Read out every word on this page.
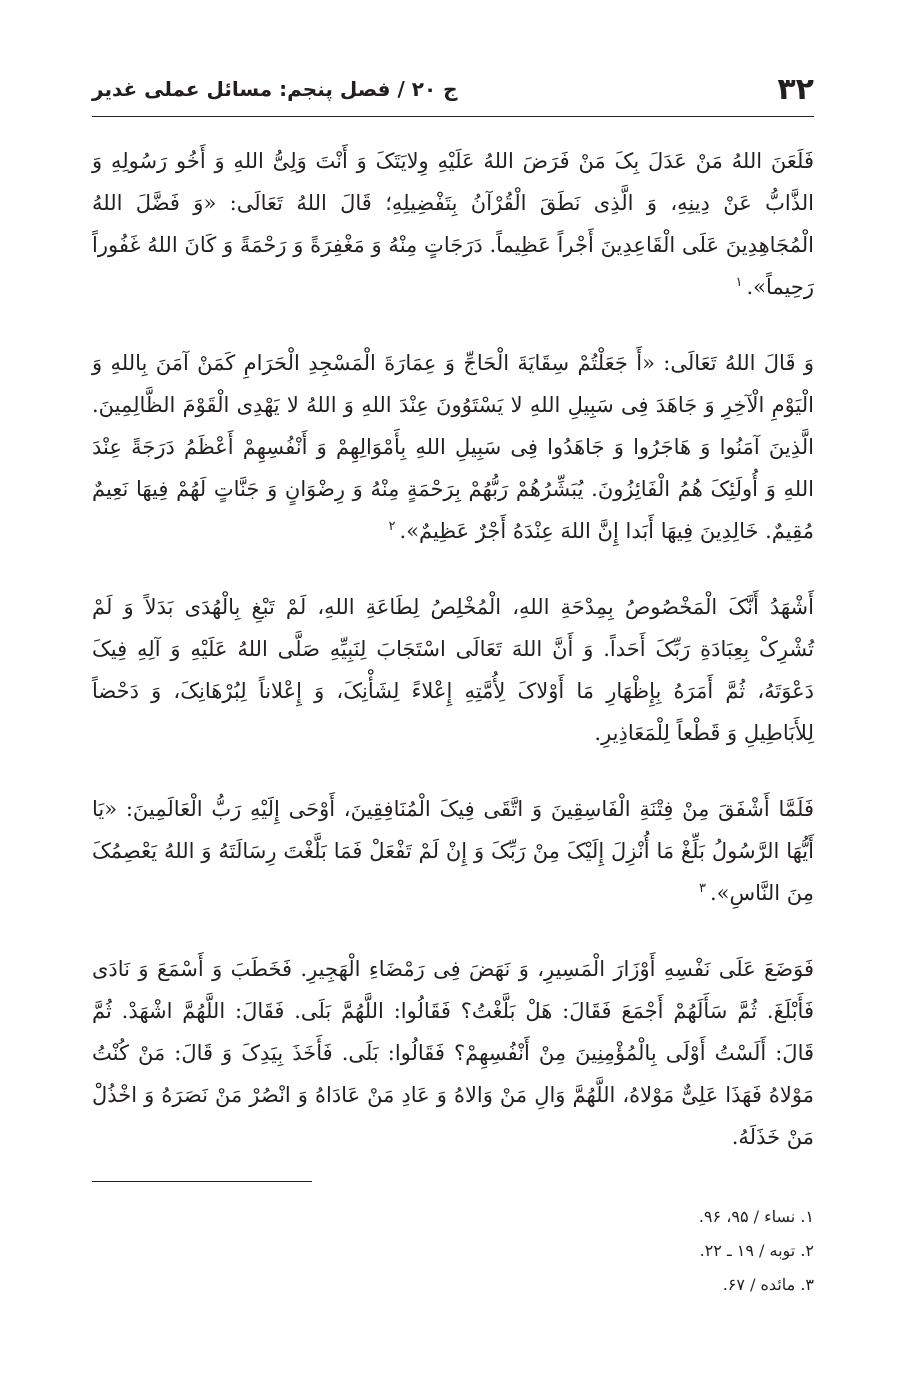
۳۲
ج ۲۰ / فصل پنجم: مسائل عملی غدیر

فَلَعَنَ اللهُ مَنْ عَدَلَ بِکَ مَنْ فَرَضَ اللهُ عَلَیْهِ وِلایَتَکَ وَ أَنْتَ وَلِیُّ اللهِ وَ أَخُو رَسُولِهِ وَ الذَّابُّ عَنْ دِینِهِ، وَ الَّذِی نَطَقَ الْقُرْآنُ بِتَفْضِیلِهِ؛ قَالَ اللهُ تَعَالَی: «وَ فَضَّلَ اللهُ الْمُجَاهِدِینَ عَلَی الْقَاعِدِینَ أَجْراً عَظِیماً. دَرَجَاتٍ مِنْهُ وَ مَغْفِرَةً وَ رَحْمَةً وَ کَانَ اللهُ غَفُوراً رَحِیماً».$^۱$

وَ قَالَ اللهُ تَعَالَی: «أَ جَعَلْتُمْ سِقَایَةَ الْحَاجِّ وَ عِمَارَةَ الْمَسْجِدِ الْحَرَامِ کَمَنْ آمَنَ بِاللهِ وَ الْیَوْمِ الْآخِرِ وَ جَاهَدَ فِی سَبِیلِ اللهِ لا یَسْتَوُونَ عِنْدَ اللهِ وَ اللهُ لا یَهْدِی الْقَوْمَ الظَّالِمِینَ. الَّذِینَ آمَنُوا وَ هَاجَرُوا وَ جَاهَدُوا فِی سَبِیلِ اللهِ بِأَمْوَالِهِمْ وَ أَنْفُسِهِمْ أَعْظَمُ دَرَجَةً عِنْدَ اللهِ وَ أُولَئِکَ هُمُ الْفَائِزُونَ. یُبَشِّرُهُمْ رَبُّهُمْ بِرَحْمَةٍ مِنْهُ وَ رِضْوَانٍ وَ جَنَّاتٍ لَهُمْ فِیهَا نَعِیمٌ مُقِیمٌ. خَالِدِینَ فِیهَا أَبَدا إِنَّ اللهَ عِنْدَهُ أَجْرٌ عَظِیمٌ».$^۲$

أَشْهَدُ أَنَّکَ الْمَخْصُوصُ بِمِدْحَةِ اللهِ، الْمُخْلِصُ لِطَاعَةِ اللهِ، لَمْ تَبْغِ بِالْهُدَی بَدَلاً وَ لَمْ تُشْرِکْ بِعِبَادَةِ رَبِّکَ أَحَداً. وَ أَنَّ اللهَ تَعَالَی اسْتَجَابَ لِنَبِیِّهِ صَلَّی اللهُ عَلَیْهِ وَ آلِهِ فِیکَ دَعْوَتَهُ، ثُمَّ أَمَرَهُ بِإِظْهَارِ مَا أَوْلاکَ لِأُمَّتِهِ إِعْلاءً لِشَأْنِکَ، وَ إِعْلاناً لِبُرْهَانِکَ، وَ دَحْضاً لِلأَبَاطِیلِ وَ قَطْعاً لِلْمَعَاذِیرِ.

فَلَمَّا أَشْفَقَ مِنْ فِتْنَةِ الْفَاسِقِینَ وَ اتَّقَی فِیکَ الْمُنَافِقِینَ، أَوْحَی إِلَیْهِ رَبُّ الْعَالَمِینَ: «یَا أَیُّهَا الرَّسُولُ بَلِّغْ مَا أُنْزِلَ إِلَیْکَ مِنْ رَبِّکَ وَ إِنْ لَمْ تَفْعَلْ فَمَا بَلَّغْتَ رِسَالَتَهُ وَ اللهُ یَعْصِمُکَ مِنَ النَّاسِ».$^۳$

فَوَضَعَ عَلَی نَفْسِهِ أَوْزَارَ الْمَسِیرِ، وَ نَهَضَ فِی رَمْضَاءِ الْهَجِیرِ. فَخَطَبَ وَ أَسْمَعَ وَ نَادَی فَأَبْلَغَ. ثُمَّ سَأَلَهُمْ أَجْمَعَ فَقَالَ: هَلْ بَلَّغْتُ؟ فَقَالُوا: اللَّهُمَّ بَلَی. فَقَالَ: اللَّهُمَّ اشْهَدْ. ثُمَّ قَالَ: أَلَسْتُ أَوْلَی بِالْمُؤْمِنِینَ مِنْ أَنْفُسِهِمْ؟ فَقَالُوا: بَلَی. فَأَخَذَ بِیَدِکَ وَ قَالَ: مَنْ کُنْتُ مَوْلاهُ فَهَذَا عَلِیٌّ مَوْلاهُ، اللَّهُمَّ وَالِ مَنْ وَالاهُ وَ عَادِ مَنْ عَادَاهُ وَ انْصُرْ مَنْ نَصَرَهُ وَ اخْذُلْ مَنْ خَذَلَهُ.

۱. نساء / ۹۵، ۹۶.
۲. توبه / ۱۹ ـ ۲۲.
۳. مائده / ۶۷.
